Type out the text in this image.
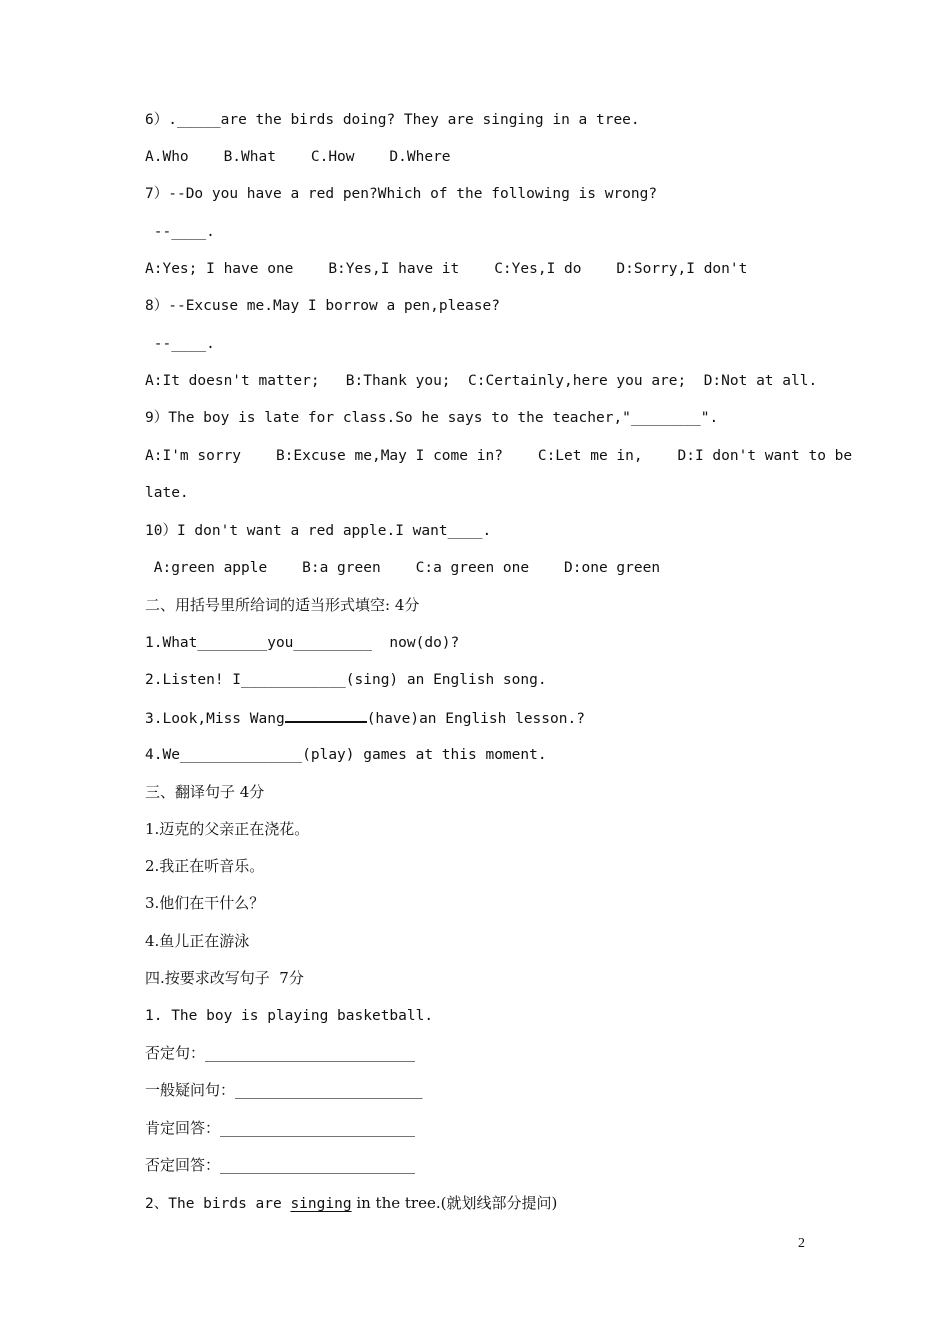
6）._____are the birds doing? They are singing in a tree.
A.Who    B.What    C.How    D.Where
7）--Do you have a red pen?Which of the following is wrong?
--____.
A:Yes; I have one    B:Yes,I have it    C:Yes,I do    D:Sorry,I don't
8）--Excuse me.May I borrow a pen,please?
--____.
A:It doesn't matter;   B:Thank you;  C:Certainly,here you are;  D:Not at all.
9）The boy is late for class.So he says to the teacher,"________".
A:I'm sorry    B:Excuse me,May I come in?    C:Let me in,    D:I don't want to be
late.
10）I don't want a red apple.I want____.
A:green apple    B:a green    C:a green one    D:one green
二、用括号里所给词的适当形式填空: 4分
1.What________you_________  now(do)?
2.Listen! I____________(sing) an English song.
3.Look,Miss Wang	(have)an English lesson.?
4.We______________(play) games at this moment.
三、翻译句子 4分
1.迈克的父亲正在浇花。
2.我正在听音乐。
3.他们在干什么？
4.鱼儿正在游泳
四.按要求改写句子  7分
1. The boy is playing basketball.
否定句：____________________________
一般疑问句：_________________________
肯定回答：__________________________
否定回答：__________________________
2、The birds are singing in the tree.(就划线部分提问)
2
